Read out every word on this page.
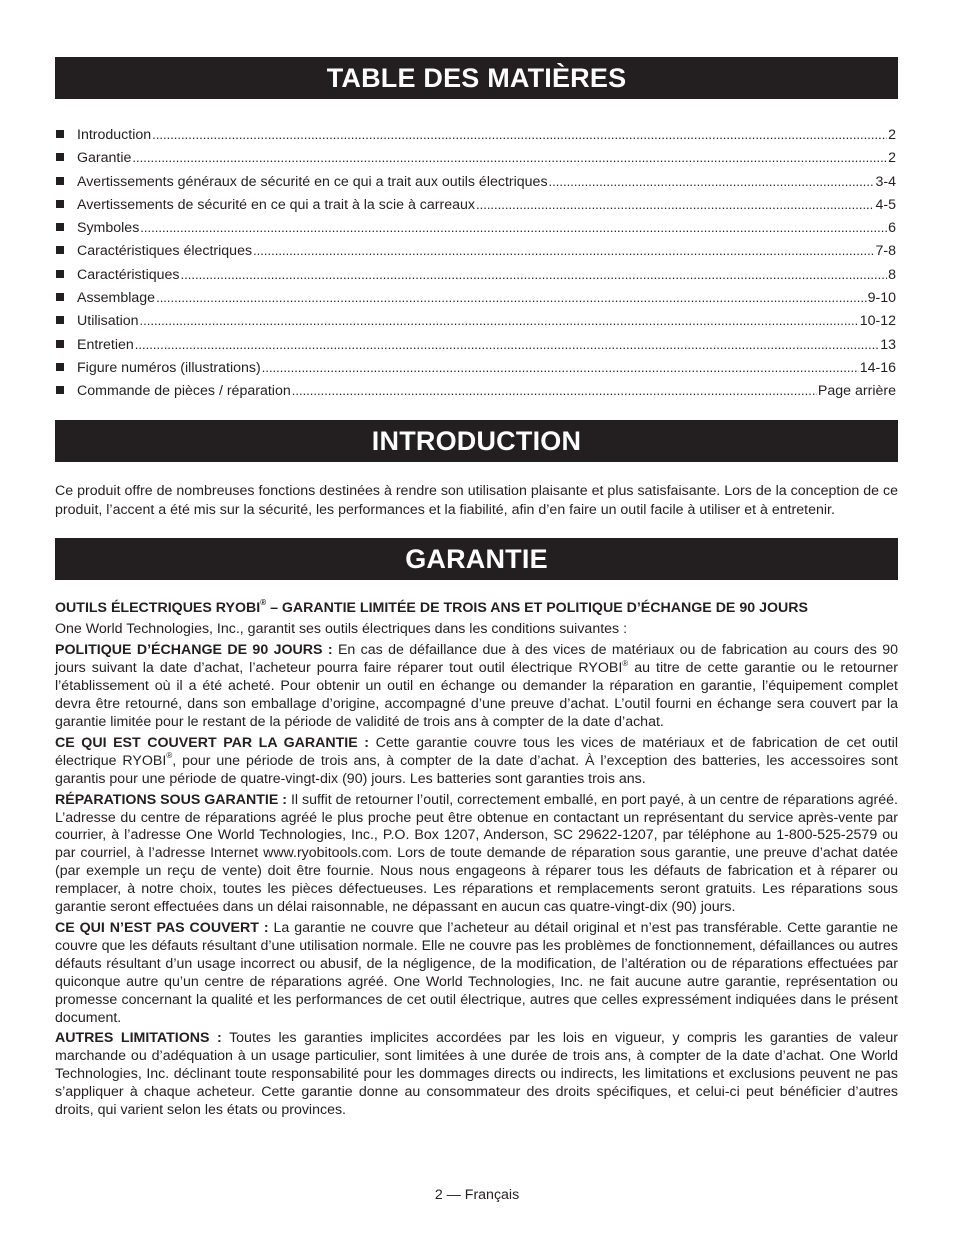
TABLE DES MATIÈRES
Introduction .....	2
Garantie .....	2
Avertissements généraux de sécurité en ce qui a trait aux outils électriques .....	3-4
Avertissements de sécurité en ce qui a trait à la scie à carreaux .....	4-5
Symboles .....	6
Caractéristiques électriques .....	7-8
Caractéristiques .....	8
Assemblage .....	9-10
Utilisation .....	10-12
Entretien .....	13
Figure numéros (illustrations) .....	14-16
Commande de pièces / réparation .....	Page arrière
INTRODUCTION

Ce produit offre de nombreuses fonctions destinées à rendre son utilisation plaisante et plus satisfaisante. Lors de la conception de ce produit, l’accent a été mis sur la sécurité, les performances et la fiabilité, afin d’en faire un outil facile à utiliser et à entretenir.

GARANTIE

OUTILS ÉLECTRIQUES RYOBI® – GARANTIE LIMITÉE DE TROIS ANS ET POLITIQUE D’ÉCHANGE DE 90 JOURS

One World Technologies, Inc., garantit ses outils électriques dans les conditions suivantes :

POLITIQUE D’ÉCHANGE DE 90 JOURS : En cas de défaillance due à des vices de matériaux ou de fabrication au cours des 90 jours suivant la date d’achat, l’acheteur pourra faire réparer tout outil électrique RYOBI® au titre de cette garantie ou le retourner l’établissement où il a été acheté. Pour obtenir un outil en échange ou demander la réparation en garantie, l’équipement complet devra être retourné, dans son emballage d’origine, accompagné d’une preuve d’achat. L’outil fourni en échange sera couvert par la garantie limitée pour le restant de la période de validité de trois ans à compter de la date d’achat.

CE QUI EST COUVERT PAR LA GARANTIE : Cette garantie couvre tous les vices de matériaux et de fabrication de cet outil électrique RYOBI®, pour une période de trois ans, à compter de la date d’achat. À l’exception des batteries, les accessoires sont garantis pour une période de quatre-vingt-dix (90) jours. Les batteries sont garanties trois ans.

RÉPARATIONS SOUS GARANTIE : Il suffit de retourner l’outil, correctement emballé, en port payé, à un centre de réparations agréé. L’adresse du centre de réparations agréé le plus proche peut être obtenue en contactant un représentant du service après-vente par courrier, à l’adresse One World Technologies, Inc., P.O. Box 1207, Anderson, SC 29622-1207, par téléphone au 1-800-525-2579 ou par courriel, à l’adresse Internet www.ryobitools.com. Lors de toute demande de réparation sous garantie, une preuve d’achat datée (par exemple un reçu de vente) doit être fournie. Nous nous engageons à réparer tous les défauts de fabrication et à réparer ou remplacer, à notre choix, toutes les pièces défectueuses. Les réparations et remplacements seront gratuits. Les réparations sous garantie seront effectuées dans un délai raisonnable, ne dépassant en aucun cas quatre-vingt-dix (90) jours.

CE QUI N’EST PAS COUVERT : La garantie ne couvre que l’acheteur au détail original et n’est pas transférable. Cette garantie ne couvre que les défauts résultant d’une utilisation normale. Elle ne couvre pas les problèmes de fonctionnement, défaillances ou autres défauts résultant d’un usage incorrect ou abusif, de la négligence, de la modification, de l’altération ou de réparations effectuées par quiconque autre qu’un centre de réparations agréé. One World Technologies, Inc. ne fait aucune autre garantie, représentation ou promesse concernant la qualité et les performances de cet outil électrique, autres que celles expressément indiquées dans le présent document.

AUTRES LIMITATIONS : Toutes les garanties implicites accordées par les lois en vigueur, y compris les garanties de valeur marchande ou d’adéquation à un usage particulier, sont limitées à une durée de trois ans, à compter de la date d’achat. One World Technologies, Inc. déclinant toute responsabilité pour les dommages directs ou indirects, les limitations et exclusions peuvent ne pas s’appliquer à chaque acheteur. Cette garantie donne au consommateur des droits spécifiques, et celui-ci peut bénéficier d’autres droits, qui varient selon les états ou provinces.

2 — Français
